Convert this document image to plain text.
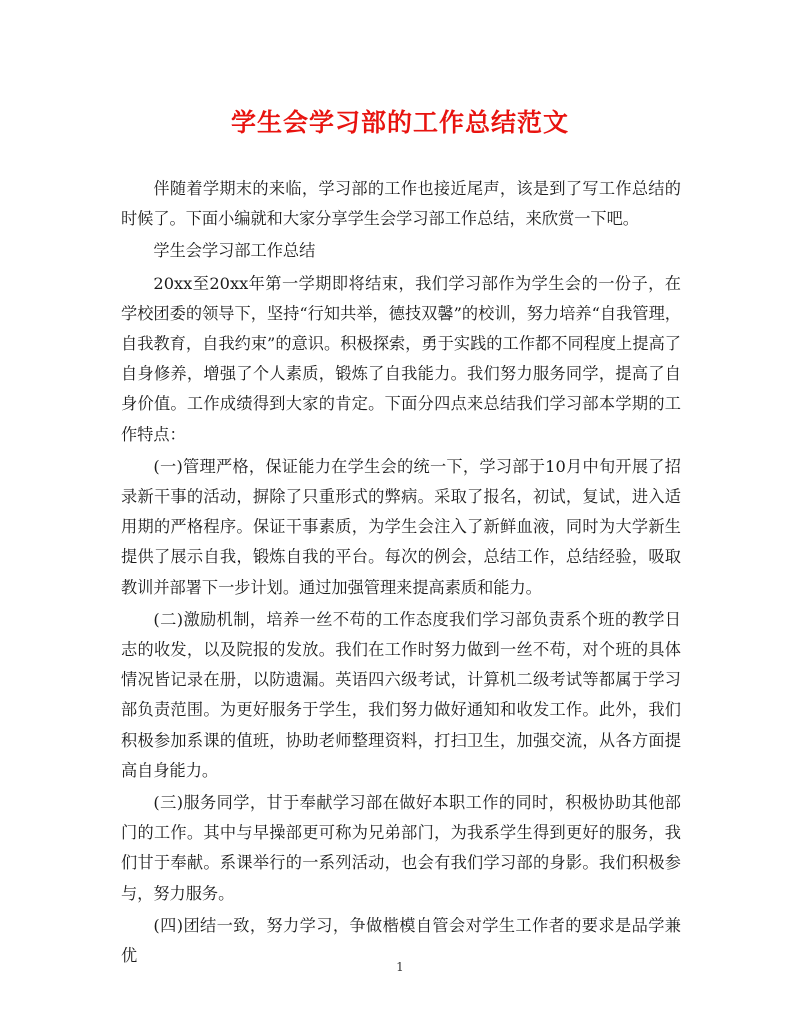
学生会学习部的工作总结范文

伴随着学期末的来临，学习部的工作也接近尾声，该是到了写工作总结的时候了。下面小编就和大家分享学生会学习部工作总结，来欣赏一下吧。

学生会学习部工作总结

20xx至20xx年第一学期即将结束，我们学习部作为学生会的一份子，在学校团委的领导下，坚持“行知共举，德技双馨”的校训，努力培养“自我管理，自我教育，自我约束”的意识。积极探索，勇于实践的工作都不同程度上提高了自身修养，增强了个人素质，锻炼了自我能力。我们努力服务同学，提高了自身价值。工作成绩得到大家的肯定。下面分四点来总结我们学习部本学期的工作特点：

(一)管理严格，保证能力在学生会的统一下，学习部于10月中旬开展了招录新干事的活动，摒除了只重形式的弊病。采取了报名，初试，复试，进入适用期的严格程序。保证干事素质，为学生会注入了新鲜血液，同时为大学新生提供了展示自我，锻炼自我的平台。每次的例会，总结工作，总结经验，吸取教训并部署下一步计划。通过加强管理来提高素质和能力。

(二)激励机制，培养一丝不苟的工作态度我们学习部负责系个班的教学日志的收发，以及院报的发放。我们在工作时努力做到一丝不苟，对个班的具体情况皆记录在册，以防遗漏。英语四六级考试，计算机二级考试等都属于学习部负责范围。为更好服务于学生，我们努力做好通知和收发工作。此外，我们积极参加系课的值班，协助老师整理资料，打扫卫生，加强交流，从各方面提高自身能力。

(三)服务同学，甘于奉献学习部在做好本职工作的同时，积极协助其他部门的工作。其中与早操部更可称为兄弟部门，为我系学生得到更好的服务，我们甘于奉献。系课举行的一系列活动，也会有我们学习部的身影。我们积极参与，努力服务。

(四)团结一致，努力学习，争做楷模自管会对学生工作者的要求是品学兼优

1
